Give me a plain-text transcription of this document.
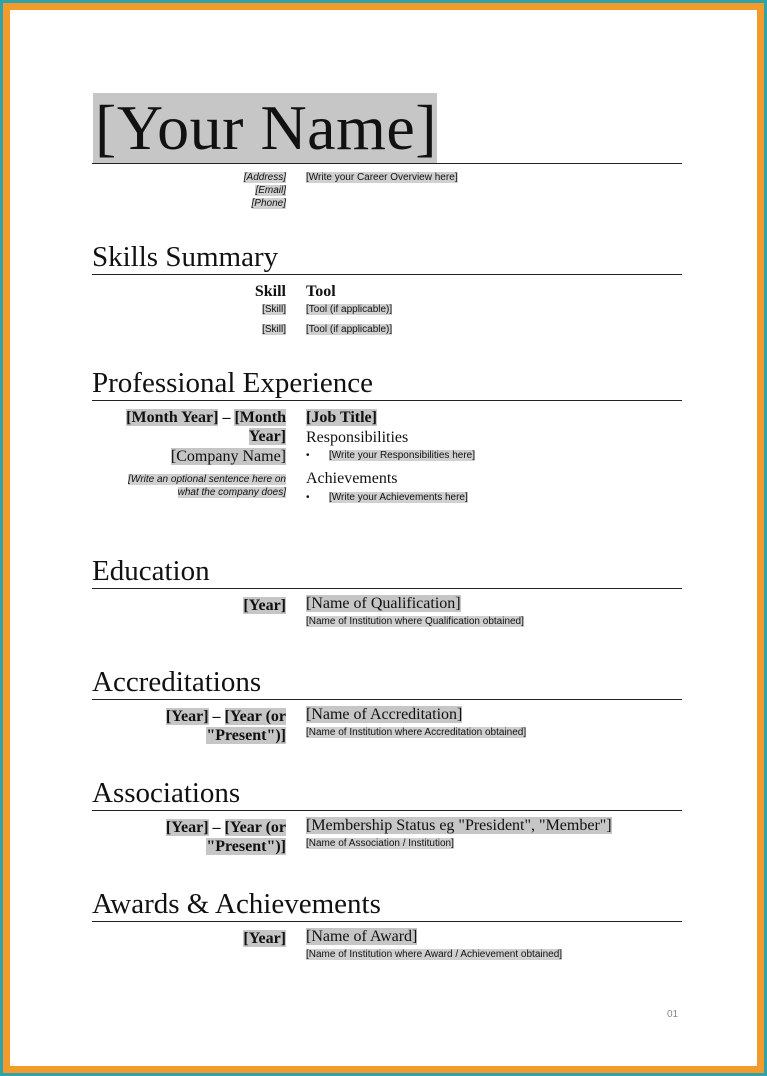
[Your Name]
[Address]
[Email]
[Phone]
[Write your Career Overview here]
Skills Summary
Skill Tool
[Skill] [Tool (if applicable)]
[Skill] [Tool (if applicable)]
Professional Experience
[Month Year] – [Month
Year]
[Company Name]
[Write an optional sentence here on
what the company does]
[Job Title]
Responsibilities
• [Write your Responsibilities here]
Achievements
• [Write your Achievements here]
Education
[Year] [Name of Qualification]
[Name of Institution where Qualification obtained]
Accreditations
[Year] – [Year (or
"Present")]
[Name of Accreditation]
[Name of Institution where Accreditation obtained]
Associations
[Year] – [Year (or
"Present")]
[Membership Status eg "President", "Member"]
[Name of Association / Institution]
Awards & Achievements
[Year] [Name of Award]
[Name of Institution where Award / Achievement obtained]
01
